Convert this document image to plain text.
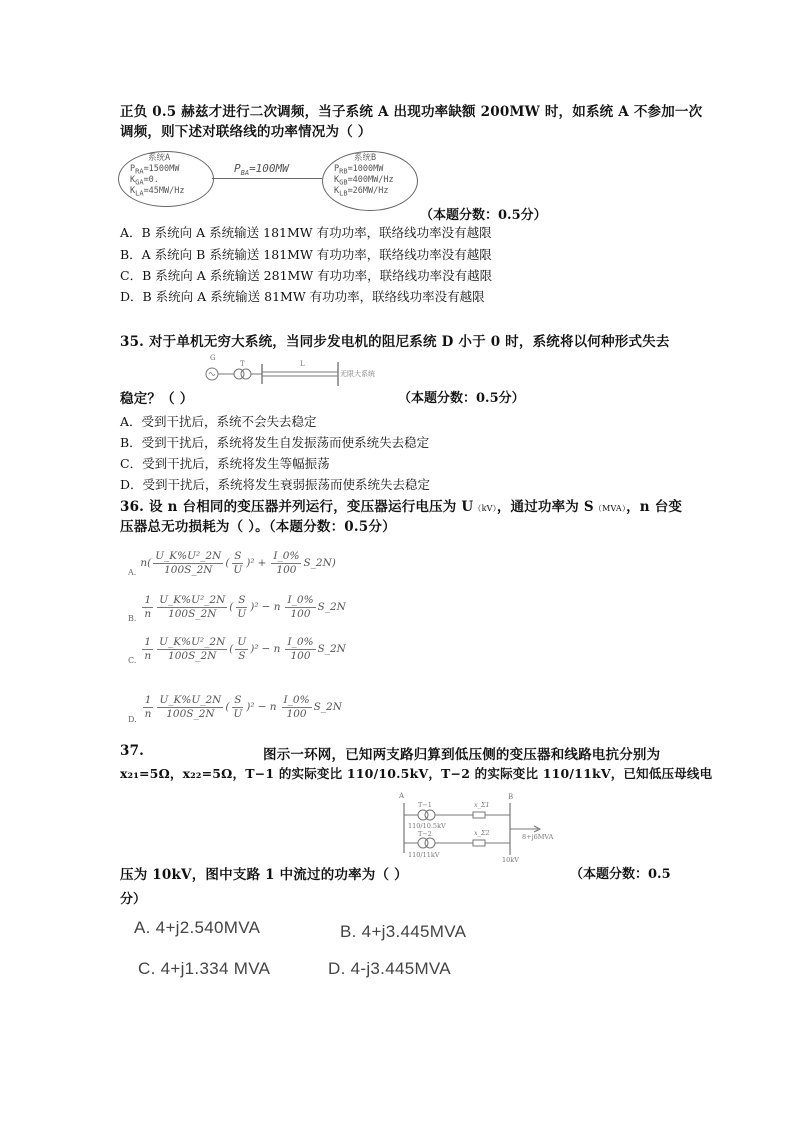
正负 0.5 赫兹才进行二次调频，当子系统 A 出现功率缺额 200MW 时，如系统 A 不参加一次
调频，则下述对联络线的功率情况为（ ）
系统A
$P_{RA}=1500MW$
$K_{GA}=0$.
$K_{LA}=45MW/Hz$
$P_{BA}=100MW$
系统B
$P_{RB}=1000MW$
$K_{GB}=400MW/Hz$
$K_{LB}=26MW/Hz$
（本题分数：0.5分）
A．B 系统向 A 系统输送 181MW 有功功率，联络线功率没有越限
B．A 系统向 B 系统输送 181MW 有功功率，联络线功率没有越限
C．B 系统向 A 系统输送 281MW 有功功率，联络线功率没有越限
D．B 系统向 A 系统输送 81MW 有功功率，联络线功率没有越限
35. 对于单机无穷大系统，当同步发电机的阻尼系统 D 小于 0 时，系统将以何种形式失去
G
T	L
无限大系统
稳定？（ ）	（本题分数：0.5分）
A．受到干扰后，系统不会失去稳定
B．受到干扰后，系统将发生自发振荡而使系统失去稳定
C．受到干扰后，系统将发生等幅振荡
D．受到干扰后，系统将发生衰弱振荡而使系统失去稳定
36. 设 n 台相同的变压器并列运行，变压器运行电压为 U（kV），通过功率为 S（MVA），n 台变
压器总无功损耗为（ ）。（本题分数：0.5分）
A.
n ( $\frac{\text{U\_K\%U²\_2N}}{100S\_2N}$ ( $\frac{S}{U} )^2 + \frac{I\_0\%}{100}$ S_2N)
B. $\frac{1}{n} \frac{\text{U\_K\%U²\_2N}}{100S\_2N}$ ( $\frac{S}{U} )^2 - n \frac{I\_0\%}{100}$ S_2N
C. $\frac{1}{n} \frac{\text{U\_K\%U²\_2N}}{100S\_2N}$ ( $\frac{U}{S} )^2 - n \frac{I\_0\%}{100}$ S_2N
D. $\frac{1}{n} \frac{U\_K\%U\_2N}{100S\_2N}$ ( $\frac{S}{U} )^2 - n \frac{I\_0\%}{100}$ S_2N
37.	图示一环网，已知两支路归算到低压侧的变压器和线路电抗分别为
x₂₁=5Ω，x₂₂=5Ω，T−1 的实际变比 110/10.5kV，T−2 的实际变比 110/11kV，已知低压母线电
A	B
T−1
110/10.5kV
T−2
110/11kV
x_Σ1
x_Σ2	8+j6MVA
10kV
压为 10kV，图中支路 1 中流过的功率为（ ）	（本题分数：0.5
分）
A. 4+j2.540MVA	B. 4+j3.445MVA
C. 4+j1.334 MVA	D. 4-j3.445MVA
